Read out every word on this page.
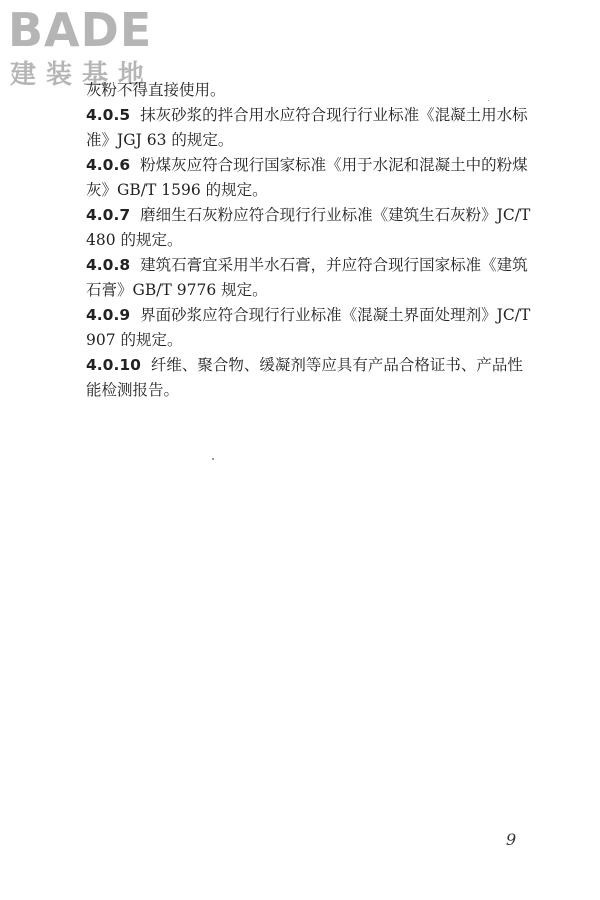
BADE
建装基地

灰粉不得直接使用。

4.0.5 抹灰砂浆的拌合用水应符合现行行业标准《混凝土用水标准》JGJ 63 的规定。

4.0.6 粉煤灰应符合现行国家标准《用于水泥和混凝土中的粉煤灰》GB/T 1596 的规定。

4.0.7 磨细生石灰粉应符合现行行业标准《建筑生石灰粉》JC/T 480 的规定。

4.0.8 建筑石膏宜采用半水石膏，并应符合现行国家标准《建筑石膏》GB/T 9776 规定。

4.0.9 界面砂浆应符合现行行业标准《混凝土界面处理剂》JC/T 907 的规定。

4.0.10 纤维、聚合物、缓凝剂等应具有产品合格证书、产品性能检测报告。

9
